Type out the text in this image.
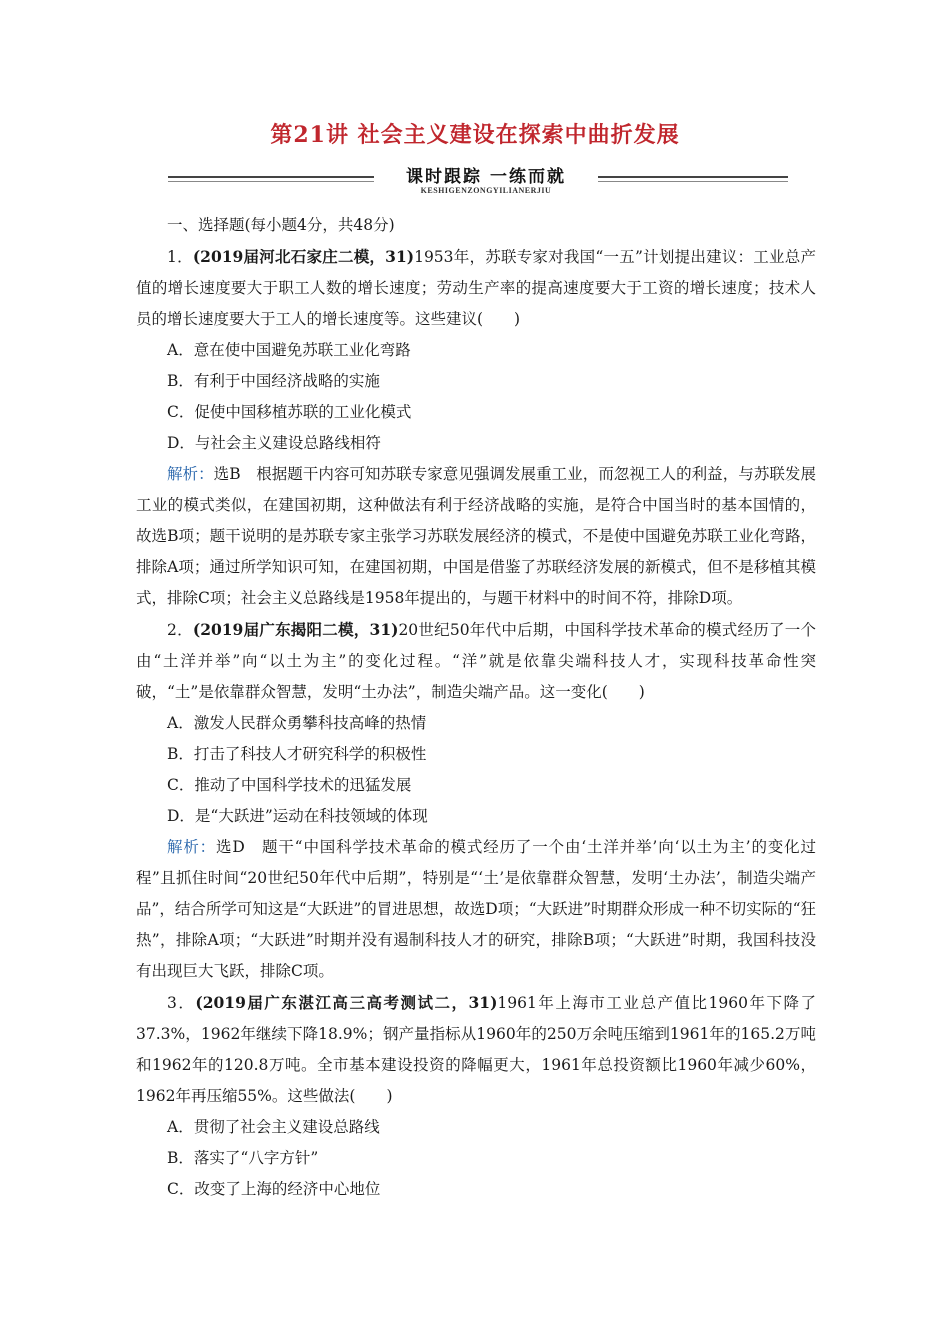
第21讲 社会主义建设在探索中曲折发展
课时跟踪 一练而就
KESHIGENZONGYILIANERJIU

一、选择题(每小题4分，共48分)

1．(2019届河北石家庄二模，31)1953年，苏联专家对我国“一五”计划提出建议：工业总产值的增长速度要大于职工人数的增长速度；劳动生产率的提高速度要大于工资的增长速度；技术人员的增长速度要大于工人的增长速度等。这些建议(　　)

A．意在使中国避免苏联工业化弯路

B．有利于中国经济战略的实施

C．促使中国移植苏联的工业化模式

D．与社会主义建设总路线相符

解析：选B　根据题干内容可知苏联专家意见强调发展重工业，而忽视工人的利益，与苏联发展工业的模式类似，在建国初期，这种做法有利于经济战略的实施，是符合中国当时的基本国情的，故选B项；题干说明的是苏联专家主张学习苏联发展经济的模式，不是使中国避免苏联工业化弯路，排除A项；通过所学知识可知，在建国初期，中国是借鉴了苏联经济发展的新模式，但不是移植其模式，排除C项；社会主义总路线是1958年提出的，与题干材料中的时间不符，排除D项。

2．(2019届广东揭阳二模，31)20世纪50年代中后期，中国科学技术革命的模式经历了一个由“土洋并举”向“以土为主”的变化过程。“洋”就是依靠尖端科技人才，实现科技革命性突破，“土”是依靠群众智慧，发明“土办法”，制造尖端产品。这一变化(　　)

A．激发人民群众勇攀科技高峰的热情

B．打击了科技人才研究科学的积极性

C．推动了中国科学技术的迅猛发展

D．是“大跃进”运动在科技领域的体现

解析：选D　题干“中国科学技术革命的模式经历了一个由‘土洋并举’向‘以土为主’的变化过程”且抓住时间“20世纪50年代中后期”，特别是“‘土’是依靠群众智慧，发明‘土办法’，制造尖端产品”，结合所学可知这是“大跃进”的冒进思想，故选D项；“大跃进”时期群众形成一种不切实际的“狂热”，排除A项；“大跃进”时期并没有遏制科技人才的研究，排除B项；“大跃进”时期，我国科技没有出现巨大飞跃，排除C项。

3．(2019届广东湛江高三高考测试二，31)1961年上海市工业总产值比1960年下降了37.3%，1962年继续下降18.9%；钢产量指标从1960年的250万余吨压缩到1961年的165.2万吨和1962年的120.8万吨。全市基本建设投资的降幅更大，1961年总投资额比1960年减少60%，1962年再压缩55%。这些做法(　　)

A．贯彻了社会主义建设总路线

B．落实了“八字方针”

C．改变了上海的经济中心地位
